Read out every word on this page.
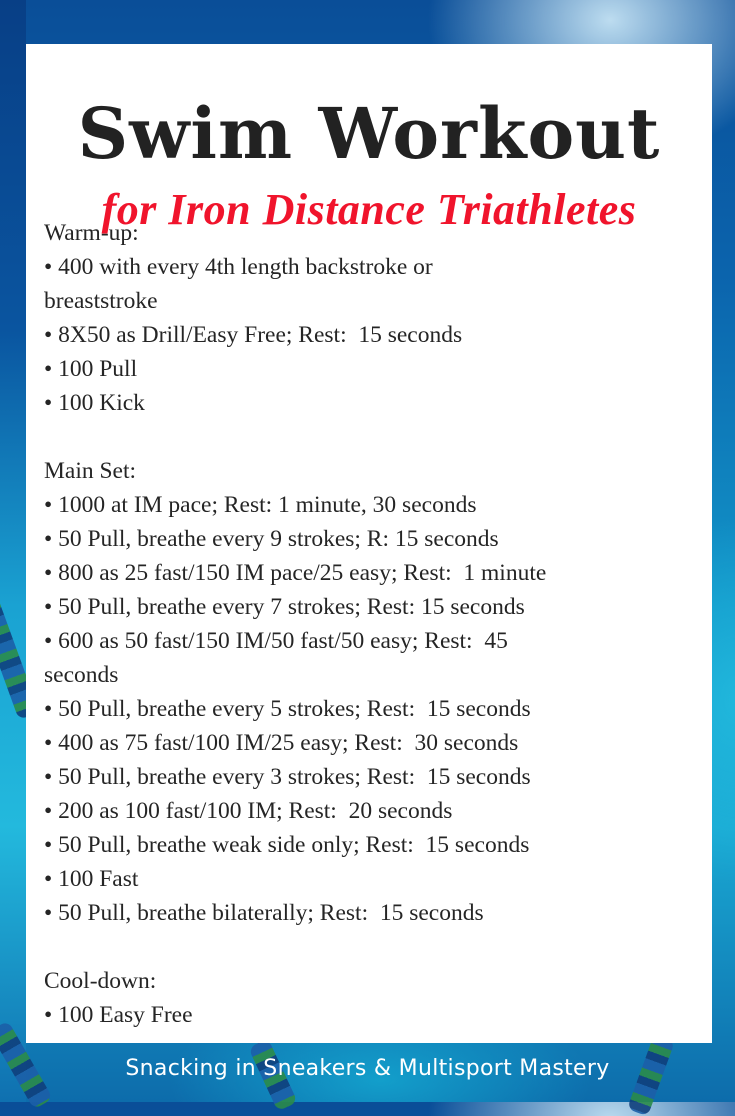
Swim Workout
for Iron Distance Triathletes
Warm-up:
• 400 with every 4th length backstroke or
breaststroke
• 8X50 as Drill/Easy Free; Rest:  15 seconds
• 100 Pull
• 100 Kick
Main Set:
• 1000 at IM pace; Rest: 1 minute, 30 seconds
• 50 Pull, breathe every 9 strokes; R: 15 seconds
• 800 as 25 fast/150 IM pace/25 easy; Rest:  1 minute
• 50 Pull, breathe every 7 strokes; Rest: 15 seconds
• 600 as 50 fast/150 IM/50 fast/50 easy; Rest:  45
seconds
• 50 Pull, breathe every 5 strokes; Rest:  15 seconds
• 400 as 75 fast/100 IM/25 easy; Rest:  30 seconds
• 50 Pull, breathe every 3 strokes; Rest:  15 seconds
• 200 as 100 fast/100 IM; Rest:  20 seconds
• 50 Pull, breathe weak side only; Rest:  15 seconds
• 100 Fast
• 50 Pull, breathe bilaterally; Rest:  15 seconds
Cool-down:
• 100 Easy Free
Snacking in Sneakers & Multisport Mastery
